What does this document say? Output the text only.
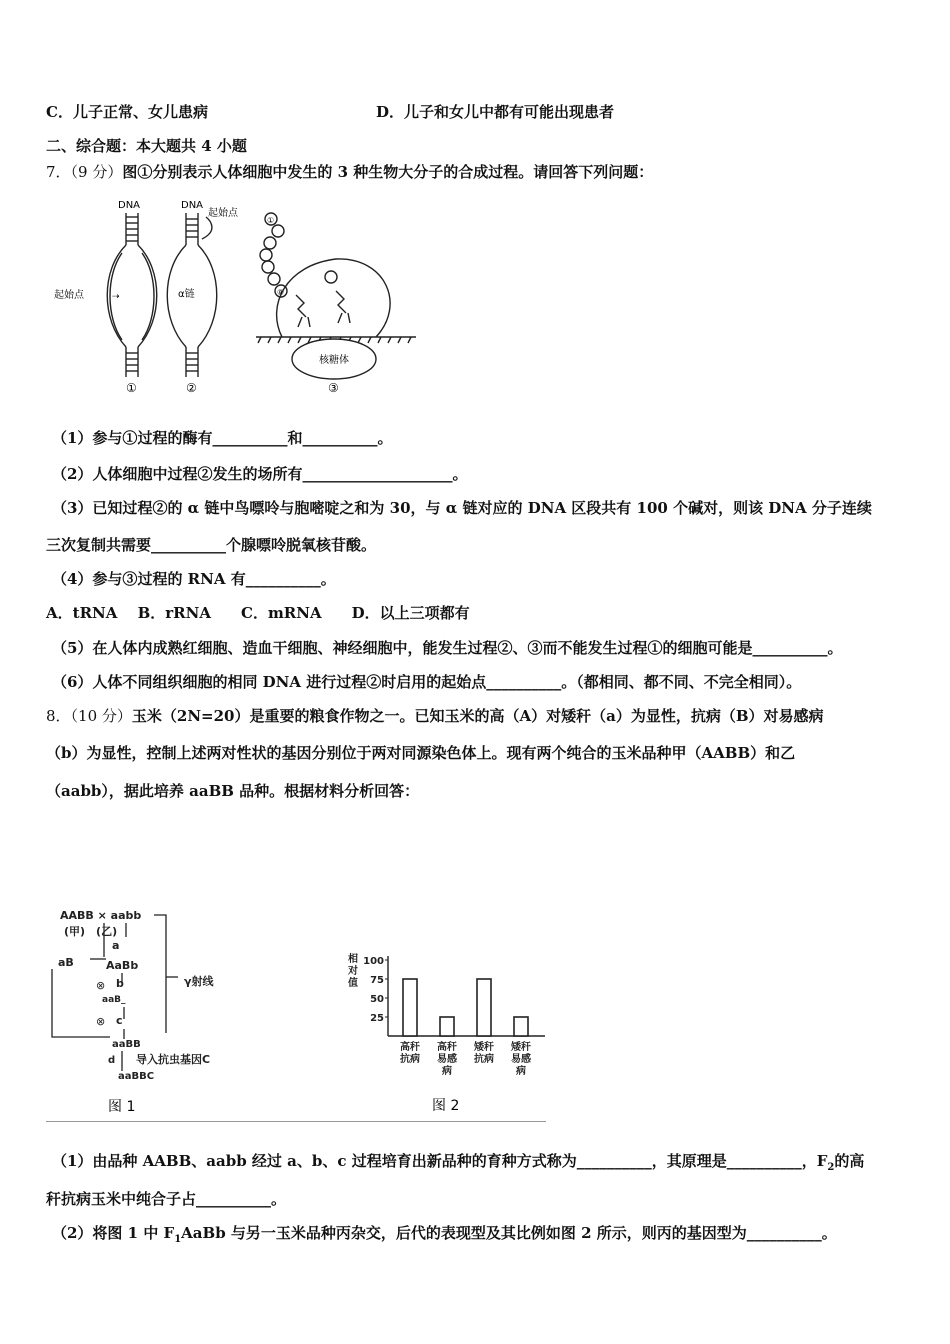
C．儿子正常、女儿患病	D．儿子和女儿中都有可能出现患者
二、综合题：本大题共 4 小题
7．（9 分）图①分别表示人体细胞中发生的 3 种生物大分子的合成过程。请回答下列问题：
DNA
起始点	⇢
①
DNA
起始点
α链
②
①
⑧
核糖体
③
（1）参与①过程的酶有__________和__________。
（2）人体细胞中过程②发生的场所有____________________。
（3）已知过程②的 α 链中鸟嘌呤与胞嘧啶之和为 30，与 α 链对应的 DNA 区段共有 100 个碱对，则该 DNA 分子连续
三次复制共需要__________个腺嘌呤脱氧核苷酸。
（4）参与③过程的 RNA 有__________。
A．tRNA　 B．rRNA　　C．mRNA　　D．以上三项都有
（5）在人体内成熟红细胞、造血干细胞、神经细胞中，能发生过程②、③而不能发生过程①的细胞可能是__________。
（6）人体不同组织细胞的相同 DNA 进行过程②时启用的起始点__________。（都相同、都不同、不完全相同）。
8．（10 分）玉米（2N=20）是重要的粮食作物之一。已知玉米的高（A）对矮秆（a）为显性，抗病（B）对易感病
（b）为显性，控制上述两对性状的基因分别位于两对同源染色体上。现有两个纯合的玉米品种甲（AABB）和乙
（aabb），据此培养 aaBB 品种。根据材料分析回答：
AABB × aabb
(甲)　(乙)
aB
a
AaBb
b
aaB_
c
aaBB
d 导入抗虫基因C
aaBBC
γ射线
⊗
⊗
图 1
相
对
值
25
50
75
100
高秆
抗病
高秆
易感
病
矮秆
抗病
矮秆
易感
病
图 2
（1）由品种 AABB、aabb 经过 a、b、c 过程培育出新品种的育种方式称为__________，其原理是__________，$F_2$的高
秆抗病玉米中纯合子占__________。
（2）将图 1 中 $F_1AaBb$ 与另一玉米品种丙杂交，后代的表现型及其比例如图 2 所示，则丙的基因型为__________。
